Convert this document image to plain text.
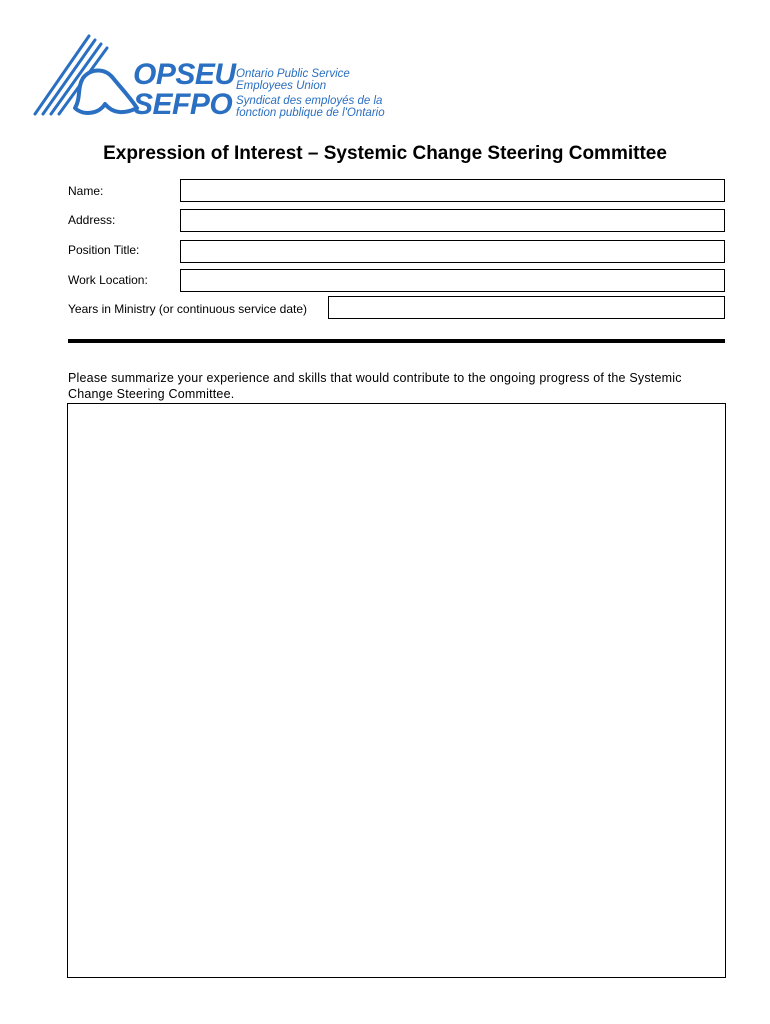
OPSEU
SEFPO
Ontario Public Service
Employees Union
Syndicat des employés de la
fonction publique de l'Ontario
Expression of Interest – Systemic Change Steering Committee
Name:
Address:
Position Title:
Work Location:
Years in Ministry (or continuous service date)
Please summarize your experience and skills that would contribute to the ongoing progress of the Systemic Change Steering Committee.
